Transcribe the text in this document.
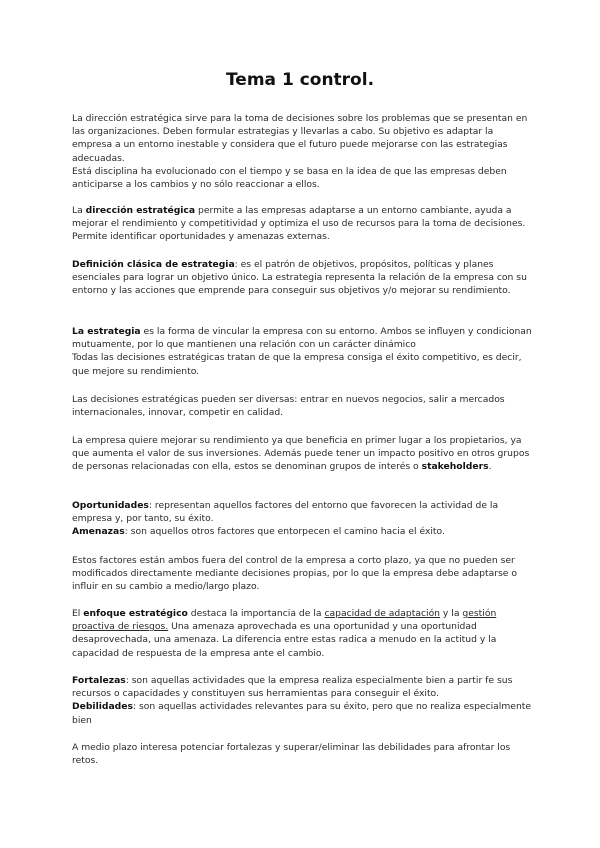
Tema 1 control.
La dirección estratégica sirve para la toma de decisiones sobre los problemas que se presentan en las organizaciones. Deben formular estrategias y llevarlas a cabo. Su objetivo es adaptar la empresa a un entorno inestable y considera que el futuro puede mejorarse con las estrategias adecuadas.
Está disciplina ha evolucionado con el tiempo y se basa en la idea de que las empresas deben anticiparse a los cambios y no sólo reaccionar a ellos.
La dirección estratégica permite a las empresas adaptarse a un entorno cambiante, ayuda a mejorar el rendimiento y competitividad y optimiza el uso de recursos para la toma de decisiones. Permite identificar oportunidades y amenazas externas.
Definición clásica de estrategia: es el patrón de objetivos, propósitos, políticas y planes esenciales para lograr un objetivo único. La estrategia representa la relación de la empresa con su entorno y las acciones que emprende para conseguir sus objetivos y/o mejorar su rendimiento.
La estrategia es la forma de vincular la empresa con su entorno. Ambos se influyen y condicionan mutuamente, por lo que mantienen una relación con un carácter dinámico
Todas las decisiones estratégicas tratan de que la empresa consiga el éxito competitivo, es decir, que mejore su rendimiento.
Las decisiones estratégicas pueden ser diversas: entrar en nuevos negocios, salir a mercados internacionales, innovar, competir en calidad.
La empresa quiere mejorar su rendimiento ya que beneficia en primer lugar a los propietarios, ya que aumenta el valor de sus inversiones. Además puede tener un impacto positivo en otros grupos de personas relacionadas con ella, estos se denominan grupos de interés o stakeholders.
Oportunidades: representan aquellos factores del entorno que favorecen la actividad de la empresa y, por tanto, su éxito.
Amenazas: son aquellos otros factores que entorpecen el camino hacia el éxito.
Estos factores están ambos fuera del control de la empresa a corto plazo, ya que no pueden ser modificados directamente mediante decisiones propias, por lo que la empresa debe adaptarse o influir en su cambio a medio/largo plazo.
El enfoque estratégico destaca la importancia de la capacidad de adaptación y la gestión proactiva de riesgos. Una amenaza aprovechada es una oportunidad y una oportunidad desaprovechada, una amenaza. La diferencia entre estas radica a menudo en la actitud y la capacidad de respuesta de la empresa ante el cambio.
Fortalezas: son aquellas actividades que la empresa realiza especialmente bien a partir fe sus recursos o capacidades y constituyen sus herramientas para conseguir el éxito.
Debilidades: son aquellas actividades relevantes para su éxito, pero que no realiza especialmente bien
A medio plazo interesa potenciar fortalezas y superar/eliminar las debilidades para afrontar los retos.
